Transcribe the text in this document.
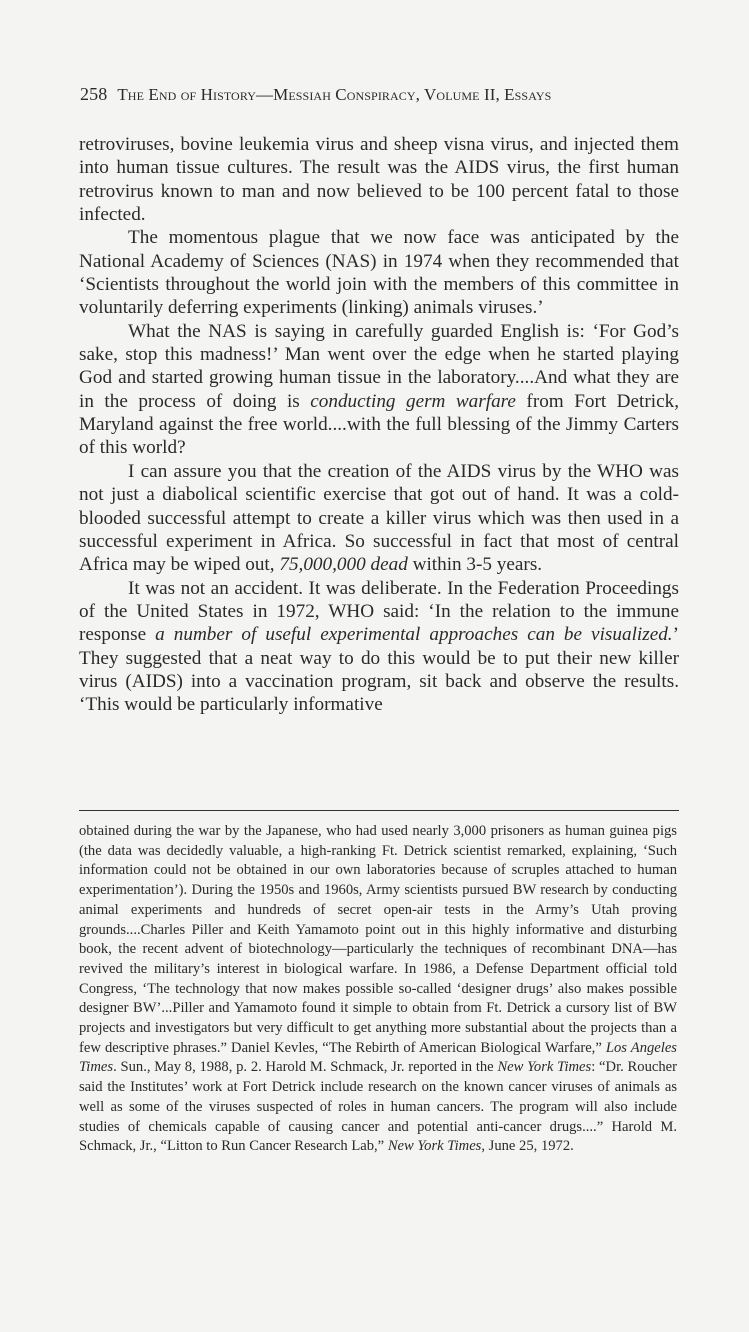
258 The End of History—Messiah Conspiracy, Volume II, Essays

retroviruses, bovine leukemia virus and sheep visna virus, and injected them into human tissue cultures. The result was the AIDS virus, the first human retrovirus known to man and now believed to be 100 percent fatal to those infected.

The momentous plague that we now face was anticipated by the National Academy of Sciences (NAS) in 1974 when they recommended that ‘Scientists throughout the world join with the members of this committee in voluntarily deferring experiments (linking) animals viruses.’

What the NAS is saying in carefully guarded English is: ‘For God’s sake, stop this madness!’ Man went over the edge when he started playing God and started growing human tissue in the laboratory....And what they are in the process of doing is conducting germ warfare from Fort Detrick, Maryland against the free world....with the full blessing of the Jimmy Carters of this world?

I can assure you that the creation of the AIDS virus by the WHO was not just a diabolical scientific exercise that got out of hand. It was a cold-blooded successful attempt to create a killer virus which was then used in a successful experiment in Africa. So successful in fact that most of central Africa may be wiped out, 75,000,000 dead within 3-5 years.

It was not an accident. It was deliberate. In the Federation Proceedings of the United States in 1972, WHO said: ‘In the relation to the immune response a number of useful experimental approaches can be visualized.’ They suggested that a neat way to do this would be to put their new killer virus (AIDS) into a vaccination program, sit back and observe the results. ‘This would be particularly informative

obtained during the war by the Japanese, who had used nearly 3,000 prisoners as human guinea pigs (the data was decidedly valuable, a high-ranking Ft. Detrick scientist remarked, explaining, ‘Such information could not be obtained in our own laboratories because of scruples attached to human experimentation’). During the 1950s and 1960s, Army scientists pursued BW research by conducting animal experiments and hundreds of secret open-air tests in the Army’s Utah proving grounds....Charles Piller and Keith Yamamoto point out in this highly informative and disturbing book, the recent advent of biotechnology—particularly the techniques of recombinant DNA—has revived the military’s interest in biological warfare. In 1986, a Defense Department official told Congress, ‘The technology that now makes possible so-called ‘designer drugs’ also makes possible designer BW’...Piller and Yamamoto found it simple to obtain from Ft. Detrick a cursory list of BW projects and investigators but very difficult to get anything more substantial about the projects than a few descriptive phrases.” Daniel Kevles, “The Rebirth of American Biological Warfare,” Los Angeles Times. Sun., May 8, 1988, p. 2. Harold M. Schmack, Jr. reported in the New York Times: “Dr. Roucher said the Institutes’ work at Fort Detrick include research on the known cancer viruses of animals as well as some of the viruses suspected of roles in human cancers. The program will also include studies of chemicals capable of causing cancer and potential anti-cancer drugs....” Harold M. Schmack, Jr., “Litton to Run Cancer Research Lab,” New York Times, June 25, 1972.
